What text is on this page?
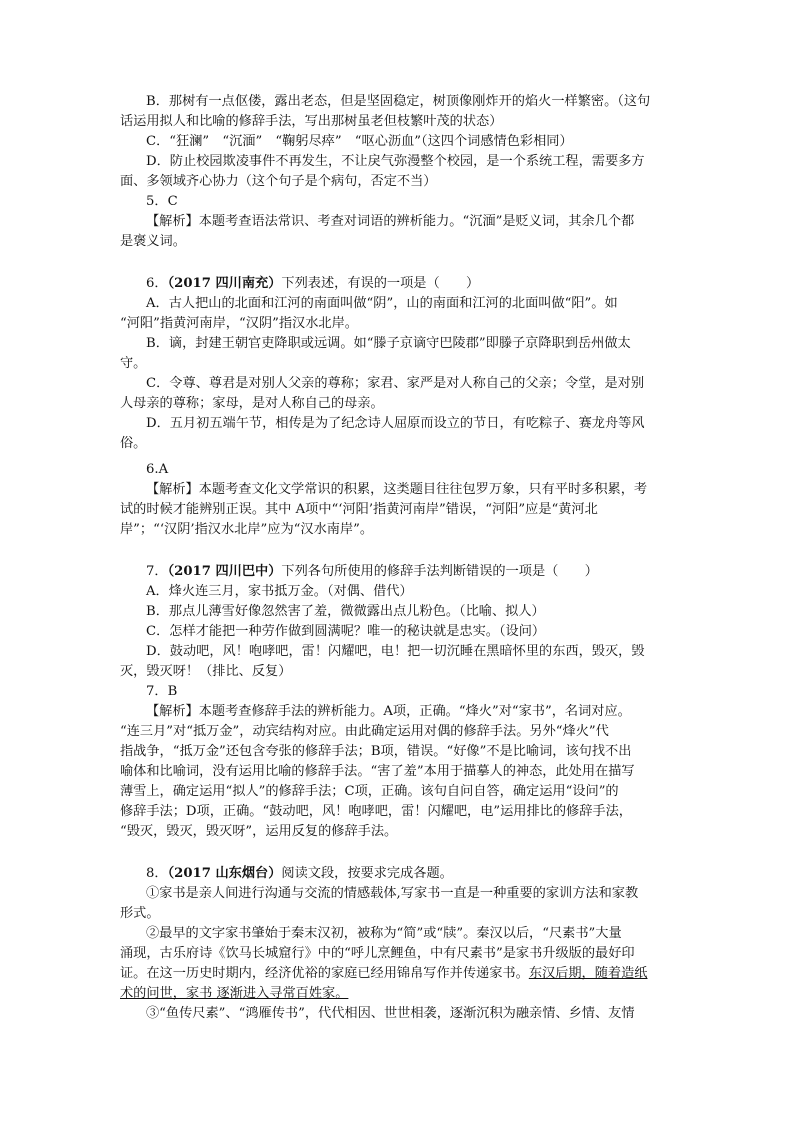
B．那树有一点伛偻，露出老态，但是坚固稳定，树顶像刚炸开的焰火一样繁密。（这句
话运用拟人和比喻的修辞手法，写出那树虽老但枝繁叶茂的状态）
C．“狂澜”　“沉湎”　“鞠躬尽瘁”　“呕心沥血”（这四个词感情色彩相同）
D．防止校园欺凌事件不再发生，不让戾气弥漫整个校园，是一个系统工程，需要多方
面、多领域齐心协力（这个句子是个病句，否定不当）
5．C
【解析】本题考查语法常识、考查对词语的辨析能力。“沉湎”是贬义词，其余几个都
是褒义词。
6．（2017 四川南充）下列表述，有误的一项是（　　）
A．古人把山的北面和江河的南面叫做“阴”，山的南面和江河的北面叫做“阳”。如
“河阳”指黄河南岸，“汉阴”指汉水北岸。
B．谪，封建王朝官吏降职或远调。如“滕子京谪守巴陵郡”即滕子京降职到岳州做太
守。
C．令尊、尊君是对别人父亲的尊称；家君、家严是对人称自己的父亲；令堂，是对别
人母亲的尊称；家母，是对人称自己的母亲。
D．五月初五端午节，相传是为了纪念诗人屈原而设立的节日，有吃粽子、赛龙舟等风
俗。
6.A
【解析】本题考查文化文学常识的积累，这类题目往往包罗万象，只有平时多积累，考
试的时候才能辨别正误。其中 A项中“‘河阳’指黄河南岸”错误，“河阳”应是“黄河北
岸”；“‘汉阴’指汉水北岸”应为“汉水南岸”。
7．（2017 四川巴中）下列各句所使用的修辞手法判断错误的一项是（　　）
A．烽火连三月，家书抵万金。（对偶、借代）
B．那点儿薄雪好像忽然害了羞，微微露出点儿粉色。（比喻、拟人）
C．怎样才能把一种劳作做到圆满呢？唯一的秘诀就是忠实。（设问）
D．鼓动吧，风！咆哮吧，雷！闪耀吧，电！把一切沉睡在黑暗怀里的东西，毁灭，毁
灭，毁灭呀！（排比、反复）
7．B
【解析】本题考查修辞手法的辨析能力。A项，正确。“烽火”对“家书”，名词对应。
“连三月”对“抵万金”，动宾结构对应。由此确定运用对偶的修辞手法。另外“烽火”代
指战争，“抵万金”还包含夸张的修辞手法；B项，错误。“好像”不是比喻词，该句找不出
喻体和比喻词，没有运用比喻的修辞手法。“害了羞”本用于描摹人的神态，此处用在描写
薄雪上，确定运用“拟人”的修辞手法；C项，正确。该句自问自答，确定运用“设问”的
修辞手法；D项，正确。“鼓动吧，风！咆哮吧，雷！闪耀吧，电”运用排比的修辞手法，
“毁灭，毁灭，毁灭呀”，运用反复的修辞手法。
8．（2017 山东烟台）阅读文段，按要求完成各题。
①家书是亲人间进行沟通与交流的情感载体,写家书一直是一种重要的家训方法和家教
形式。
②最早的文字家书肇始于秦末汉初，被称为“简”或“牍”。秦汉以后，“尺素书”大量
涌现，古乐府诗《饮马长城窟行》中的“呼儿烹鲤鱼，中有尺素书”是家书升级版的最好印
证。在这一历史时期内，经济优裕的家庭已经用锦帛写作并传递家书。东汉后期，随着造纸
术的问世，家书 逐渐进入寻常百姓家。
③“鱼传尺素”、“鸿雁传书”，代代相因、世世相袭，逐渐沉积为融亲情、乡情、友情
